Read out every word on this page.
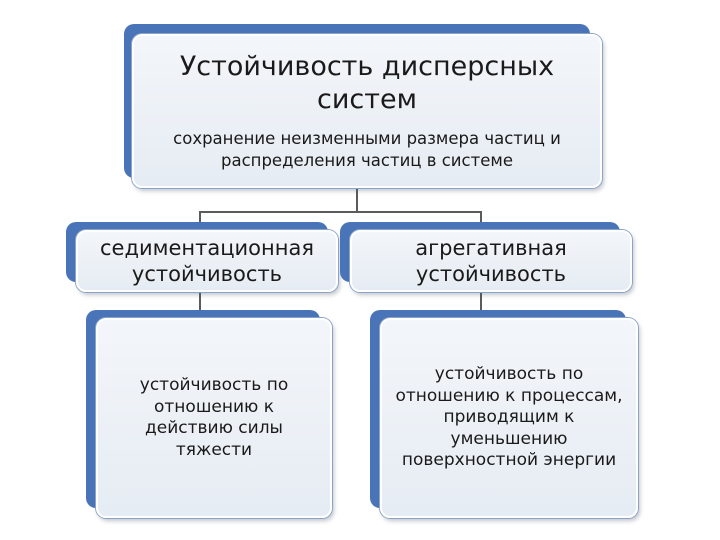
Устойчивость дисперсных систем
сохранение неизменными размера частиц и распределения частиц в системе
седиментационная устойчивость
агрегативная устойчивость
устойчивость по отношению к действию силы тяжести
устойчивость по отношению к процессам, приводящим к уменьшению поверхностной энергии
